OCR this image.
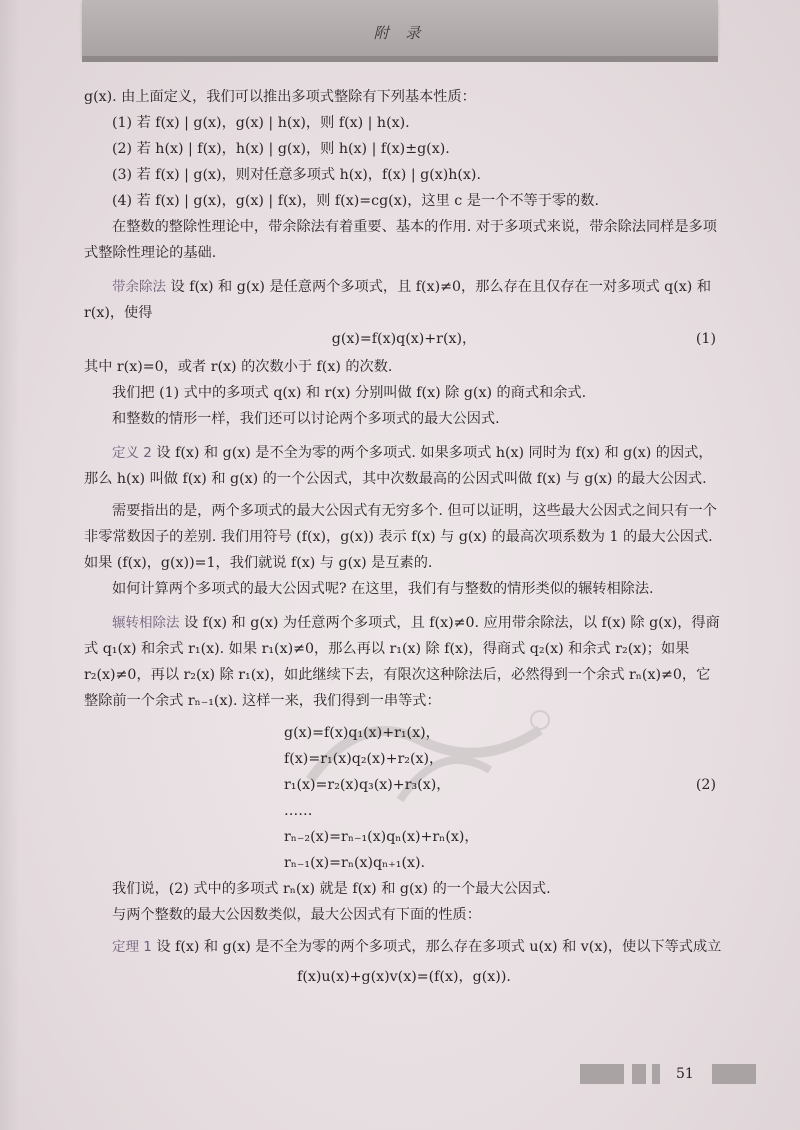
附 录

g(x). 由上面定义，我们可以推出多项式整除有下列基本性质：

(1) 若 f(x) | g(x)，g(x) | h(x)，则 f(x) | h(x).

(2) 若 h(x) | f(x)，h(x) | g(x)，则 h(x) | f(x)±g(x).

(3) 若 f(x) | g(x)，则对任意多项式 h(x)，f(x) | g(x)h(x).

(4) 若 f(x) | g(x)，g(x) | f(x)，则 f(x)=cg(x)，这里 c 是一个不等于零的数.

在整数的整除性理论中，带余除法有着重要、基本的作用. 对于多项式来说，带余除法同样是多项式整除性理论的基础.

带余除法 设 f(x) 和 g(x) 是任意两个多项式，且 f(x)≠0，那么存在且仅存在一对多项式 q(x) 和 r(x)，使得

g(x)=f(x)q(x)+r(x)，	(1)

其中 r(x)=0，或者 r(x) 的次数小于 f(x) 的次数.

我们把 (1) 式中的多项式 q(x) 和 r(x) 分别叫做 f(x) 除 g(x) 的商式和余式.

和整数的情形一样，我们还可以讨论两个多项式的最大公因式.

定义 2 设 f(x) 和 g(x) 是不全为零的两个多项式. 如果多项式 h(x) 同时为 f(x) 和 g(x) 的因式，那么 h(x) 叫做 f(x) 和 g(x) 的一个公因式，其中次数最高的公因式叫做 f(x) 与 g(x) 的最大公因式.

需要指出的是，两个多项式的最大公因式有无穷多个. 但可以证明，这些最大公因式之间只有一个非零常数因子的差别. 我们用符号 (f(x)，g(x)) 表示 f(x) 与 g(x) 的最高次项系数为 1 的最大公因式. 如果 (f(x)，g(x))=1，我们就说 f(x) 与 g(x) 是互素的.

如何计算两个多项式的最大公因式呢? 在这里，我们有与整数的情形类似的辗转相除法.

辗转相除法 设 f(x) 和 g(x) 为任意两个多项式，且 f(x)≠0. 应用带余除法，以 f(x) 除 g(x)，得商式 q₁(x) 和余式 r₁(x). 如果 r₁(x)≠0，那么再以 r₁(x) 除 f(x)，得商式 q₂(x) 和余式 r₂(x)；如果 r₂(x)≠0，再以 r₂(x) 除 r₁(x)，如此继续下去，有限次这种除法后，必然得到一个余式 rₙ(x)≠0，它整除前一个余式 rₙ₋₁(x). 这样一来，我们得到一串等式：

g(x)=f(x)q₁(x)+r₁(x)，
f(x)=r₁(x)q₂(x)+r₂(x)，
r₁(x)=r₂(x)q₃(x)+r₃(x)，
……
rₙ₋₂(x)=rₙ₋₁(x)qₙ(x)+rₙ(x)，
rₙ₋₁(x)=rₙ(x)qₙ₊₁(x).
(2)

我们说，(2) 式中的多项式 rₙ(x) 就是 f(x) 和 g(x) 的一个最大公因式.

与两个整数的最大公因数类似，最大公因式有下面的性质：

定理 1 设 f(x) 和 g(x) 是不全为零的两个多项式，那么存在多项式 u(x) 和 v(x)，使以下等式成立

f(x)u(x)+g(x)v(x)=(f(x)，g(x)).
51
